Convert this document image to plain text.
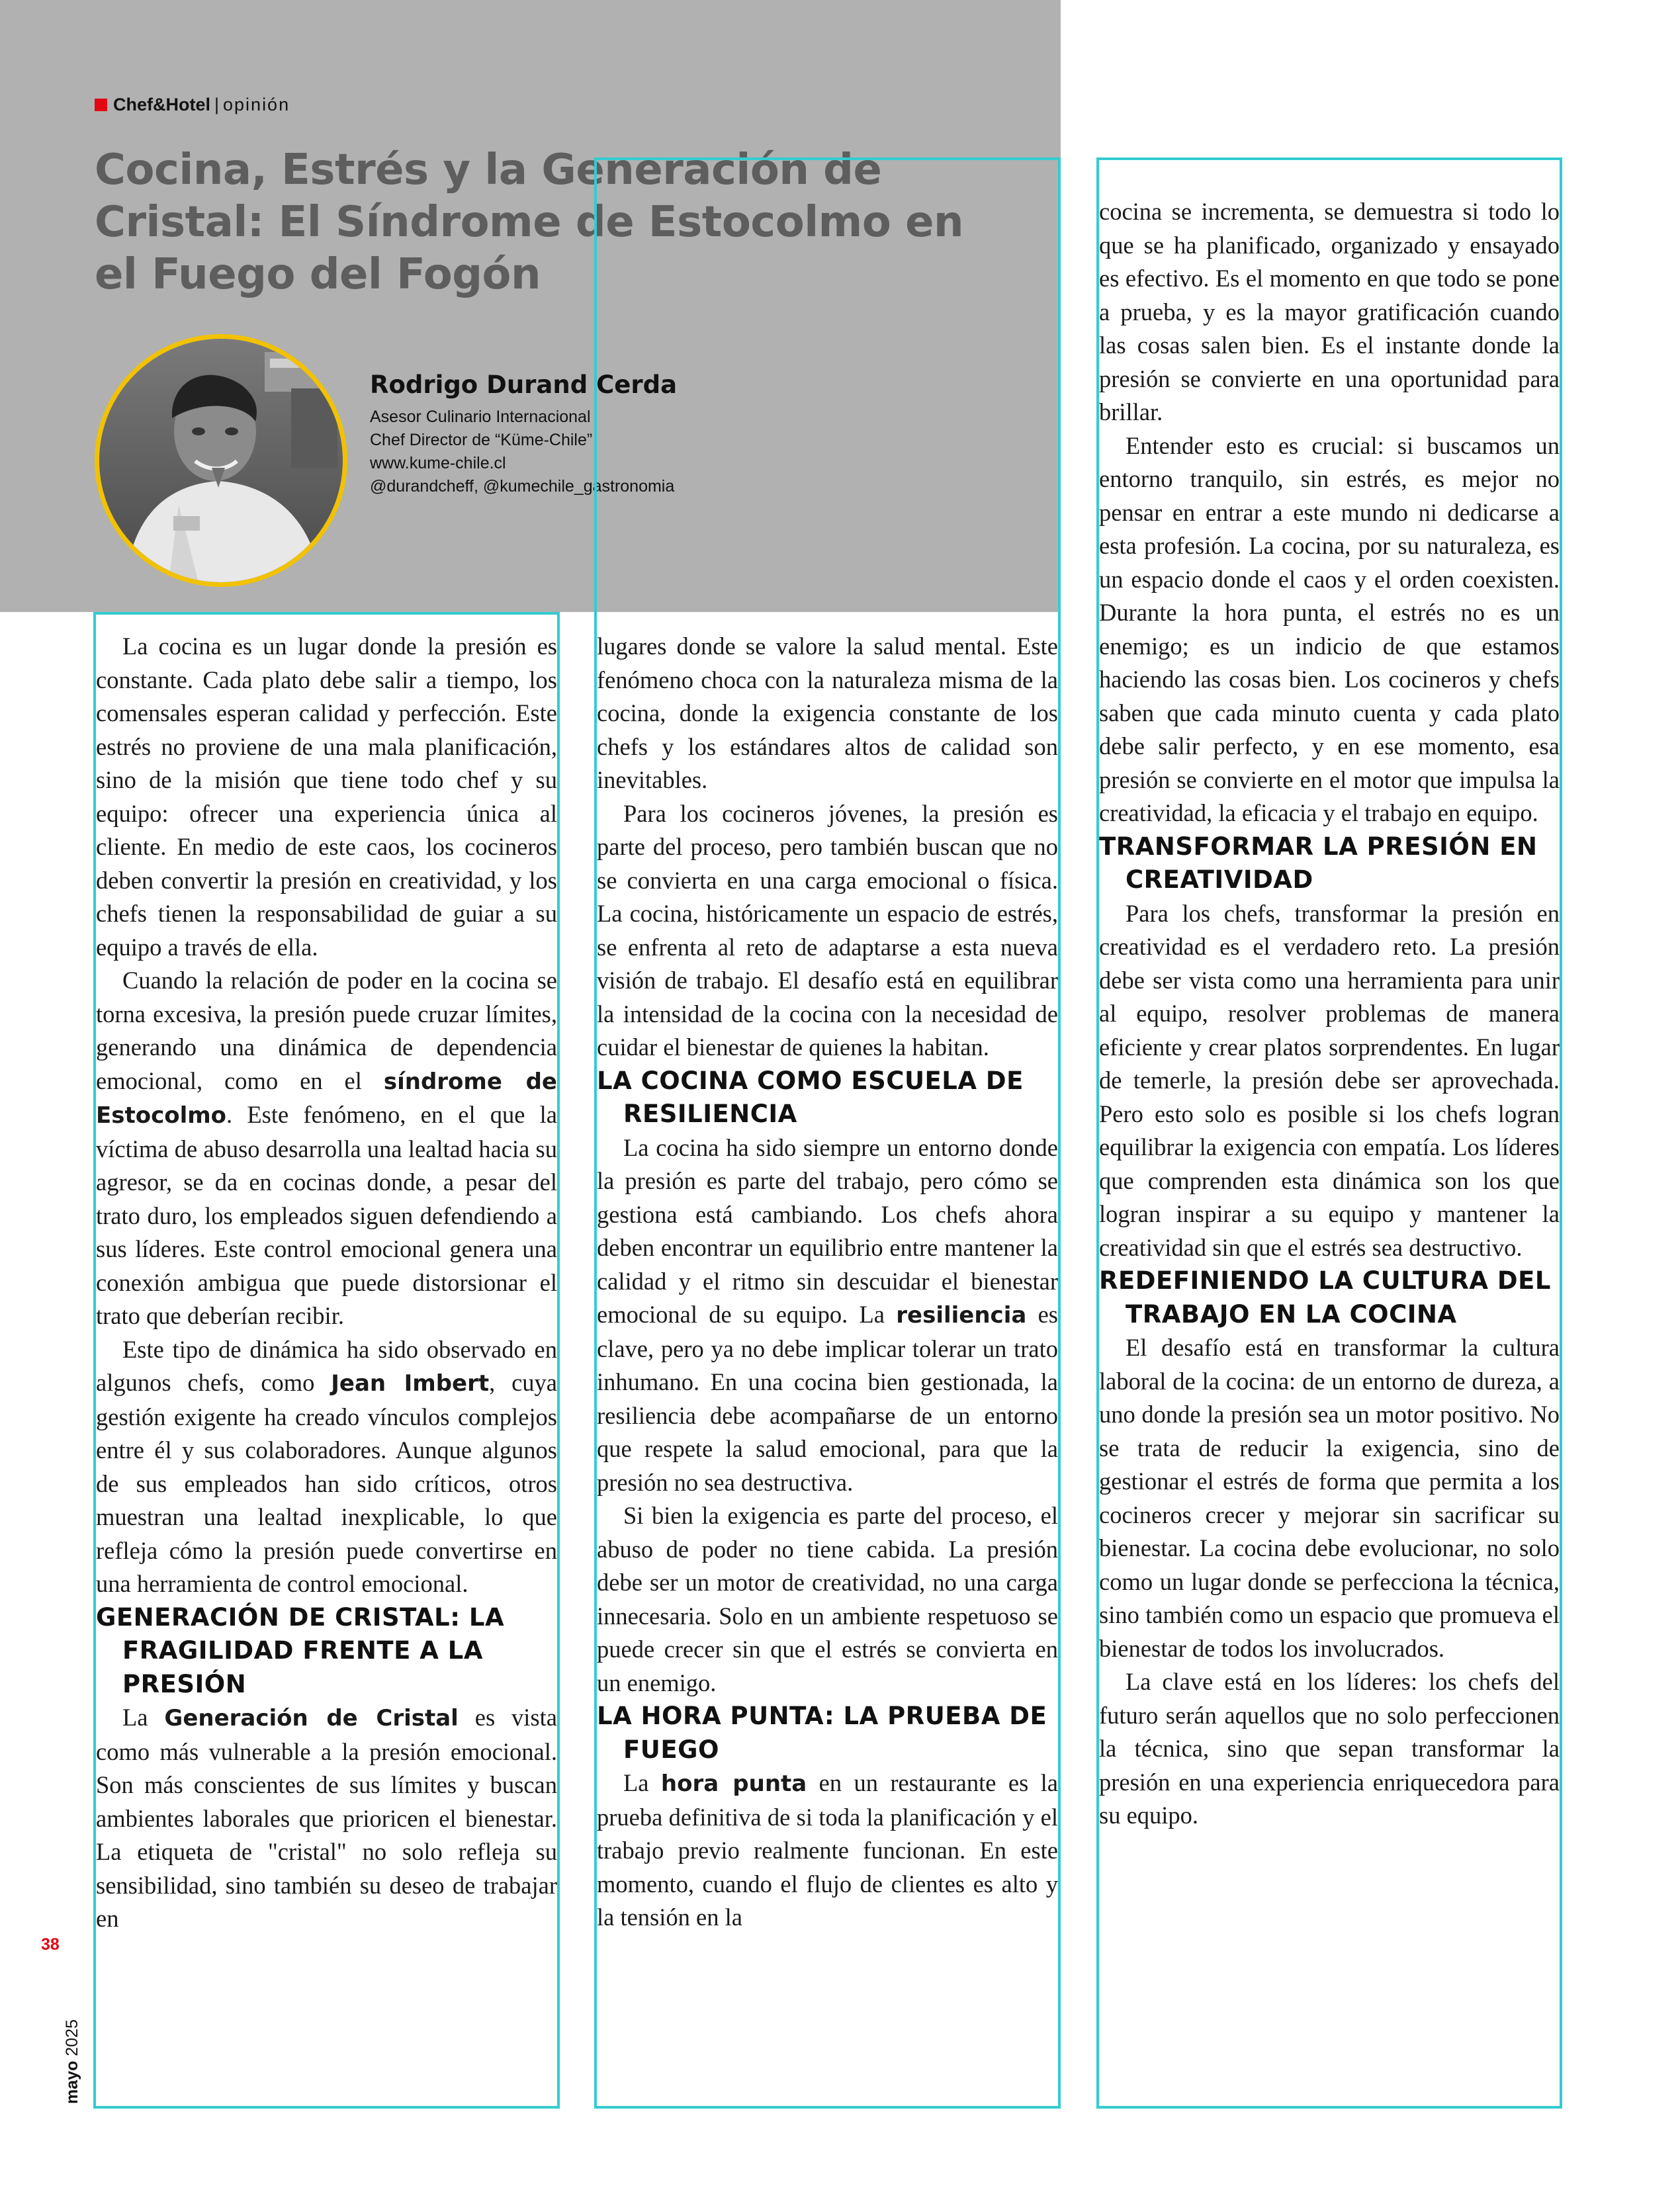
Chef&Hotel | opinión
Cocina, Estrés y la Generación de
Cristal: El Síndrome de Estocolmo en
el Fuego del Fogón
Rodrigo Durand Cerda
Asesor Culinario Internacional
Chef Director de “Küme-Chile”
www.kume-chile.cl
@durandcheff, @kumechile_gastronomia

La cocina es un lugar donde la presión es constante. Cada plato debe salir a tiempo, los comensales esperan calidad y perfección. Este estrés no proviene de una mala planificación, sino de la misión que tiene todo chef y su equipo: ofrecer una experiencia única al cliente. En medio de este caos, los cocineros deben convertir la presión en creatividad, y los chefs tienen la responsabilidad de guiar a su equipo a través de ella.

Cuando la relación de poder en la cocina se torna excesiva, la presión puede cruzar límites, generando una dinámica de dependencia emocional, como en el síndrome de Estocolmo. Este fenómeno, en el que la víctima de abuso desarrolla una lealtad hacia su agresor, se da en cocinas donde, a pesar del trato duro, los empleados siguen defendiendo a sus líderes. Este control emocional genera una conexión ambigua que puede distorsionar el trato que deberían recibir.

Este tipo de dinámica ha sido observado en algunos chefs, como Jean Imbert, cuya gestión exigente ha creado vínculos complejos entre él y sus colaboradores. Aunque algunos de sus empleados han sido críticos, otros muestran una lealtad inexplicable, lo que refleja cómo la presión puede convertirse en una herramienta de control emocional.

GENERACIÓN DE CRISTAL: LA FRAGILIDAD FRENTE A LA PRESIÓN

La Generación de Cristal es vista como más vulnerable a la presión emocional. Son más conscientes de sus límites y buscan ambientes laborales que prioricen el bienestar. La etiqueta de "cristal" no solo refleja su sensibilidad, sino también su deseo de trabajar en

lugares donde se valore la salud mental. Este fenómeno choca con la naturaleza misma de la cocina, donde la exigencia constante de los chefs y los estándares altos de calidad son inevitables.

Para los cocineros jóvenes, la presión es parte del proceso, pero también buscan que no se convierta en una carga emocional o física. La cocina, históricamente un espacio de estrés, se enfrenta al reto de adaptarse a esta nueva visión de trabajo. El desafío está en equilibrar la intensidad de la cocina con la necesidad de cuidar el bienestar de quienes la habitan.

LA COCINA COMO ESCUELA DE RESILIENCIA

La cocina ha sido siempre un entorno donde la presión es parte del trabajo, pero cómo se gestiona está cambiando. Los chefs ahora deben encontrar un equilibrio entre mantener la calidad y el ritmo sin descuidar el bienestar emocional de su equipo. La resiliencia es clave, pero ya no debe implicar tolerar un trato inhumano. En una cocina bien gestionada, la resiliencia debe acompañarse de un entorno que respete la salud emocional, para que la presión no sea destructiva.

Si bien la exigencia es parte del proceso, el abuso de poder no tiene cabida. La presión debe ser un motor de creatividad, no una carga innecesaria. Solo en un ambiente respetuoso se puede crecer sin que el estrés se convierta en un enemigo.

LA HORA PUNTA: LA PRUEBA DE FUEGO

La hora punta en un restaurante es la prueba definitiva de si toda la planificación y el trabajo previo realmente funcionan. En este momento, cuando el flujo de clientes es alto y la tensión en la

cocina se incrementa, se demuestra si todo lo que se ha planificado, organizado y ensayado es efectivo. Es el momento en que todo se pone a prueba, y es la mayor gratificación cuando las cosas salen bien. Es el instante donde la presión se convierte en una oportunidad para brillar.

Entender esto es crucial: si buscamos un entorno tranquilo, sin estrés, es mejor no pensar en entrar a este mundo ni dedicarse a esta profesión. La cocina, por su naturaleza, es un espacio donde el caos y el orden coexisten. Durante la hora punta, el estrés no es un enemigo; es un indicio de que estamos haciendo las cosas bien. Los cocineros y chefs saben que cada minuto cuenta y cada plato debe salir perfecto, y en ese momento, esa presión se convierte en el motor que impulsa la creatividad, la eficacia y el trabajo en equipo.

TRANSFORMAR LA PRESIÓN EN CREATIVIDAD

Para los chefs, transformar la presión en creatividad es el verdadero reto. La presión debe ser vista como una herramienta para unir al equipo, resolver problemas de manera eficiente y crear platos sorprendentes. En lugar de temerle, la presión debe ser aprovechada. Pero esto solo es posible si los chefs logran equilibrar la exigencia con empatía. Los líderes que comprenden esta dinámica son los que logran inspirar a su equipo y mantener la creatividad sin que el estrés sea destructivo.

REDEFINIENDO LA CULTURA DEL TRABAJO EN LA COCINA

El desafío está en transformar la cultura laboral de la cocina: de un entorno de dureza, a uno donde la presión sea un motor positivo. No se trata de reducir la exigencia, sino de gestionar el estrés de forma que permita a los cocineros crecer y mejorar sin sacrificar su bienestar. La cocina debe evolucionar, no solo como un lugar donde se perfecciona la técnica, sino también como un espacio que promueva el bienestar de todos los involucrados.

La clave está en los líderes: los chefs del futuro serán aquellos que no solo perfeccionen la técnica, sino que sepan transformar la presión en una experiencia enriquecedora para su equipo.

38
mayo 2025
